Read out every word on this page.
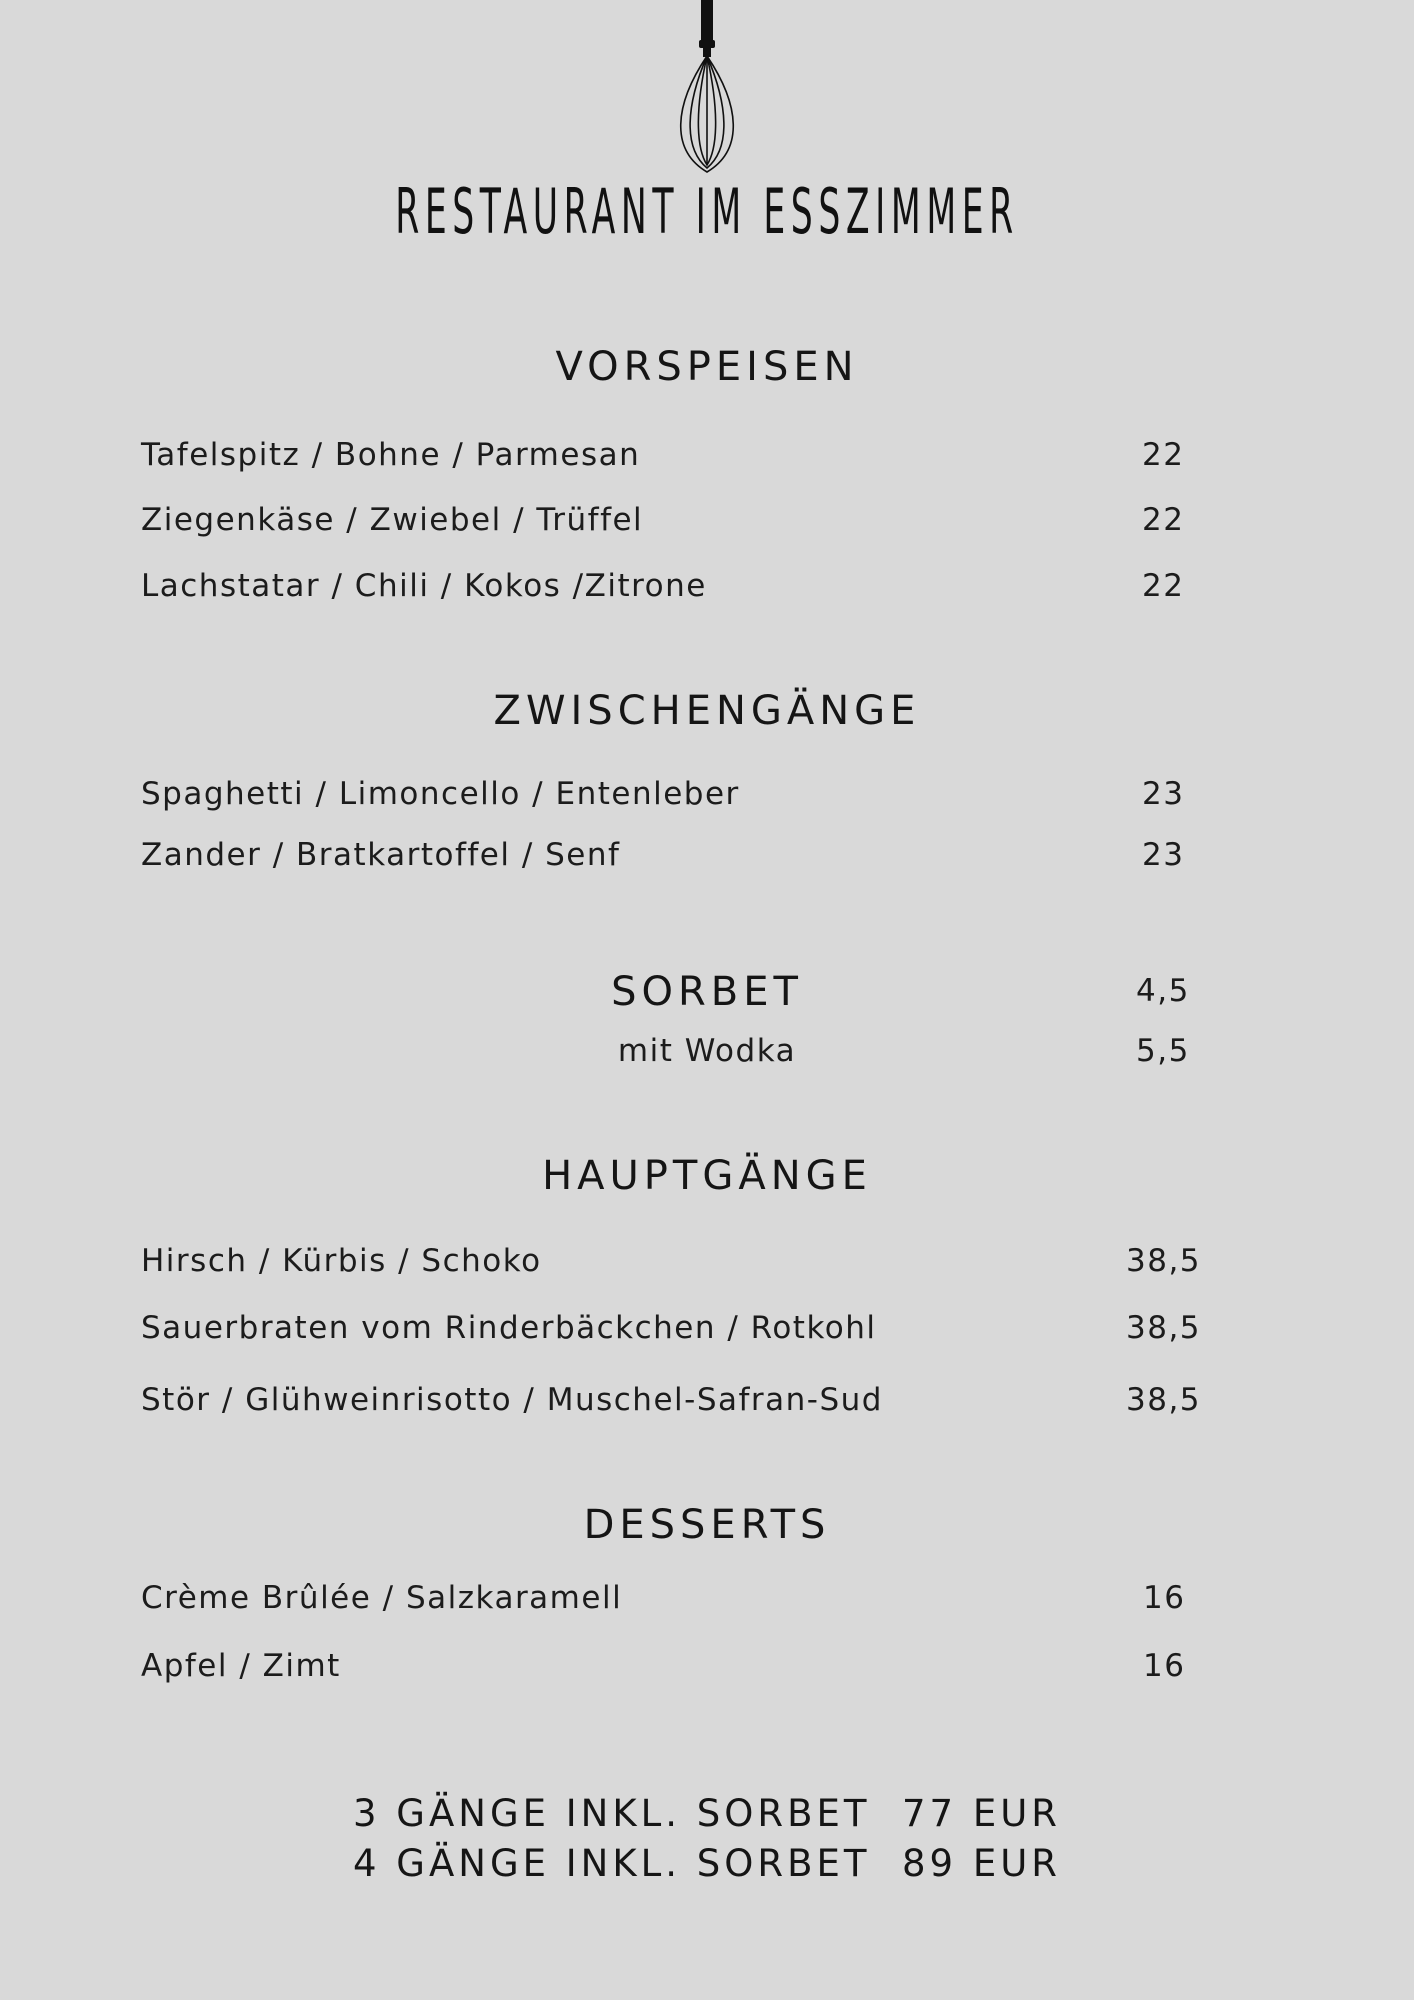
RESTAURANT IM ESSZIMMER
VORSPEISEN
Tafelspitz / Bohne / Parmesan	22
Ziegenkäse / Zwiebel / Trüffel	22
Lachstatar / Chili / Kokos /Zitrone	22
ZWISCHENGÄNGE
Spaghetti / Limoncello / Entenleber	23
Zander / Bratkartoffel / Senf	23
SORBET	4,5
mit Wodka	5,5
HAUPTGÄNGE
Hirsch / Kürbis / Schoko	38,5
Sauerbraten vom Rinderbäckchen / Rotkohl	38,5
Stör / Glühweinrisotto / Muschel-Safran-Sud	38,5
DESSERTS
Crème Brûlée / Salzkaramell	16
Apfel / Zimt	16
3 GÄNGE INKL. SORBET 77 EUR
4 GÄNGE INKL. SORBET 89 EUR
